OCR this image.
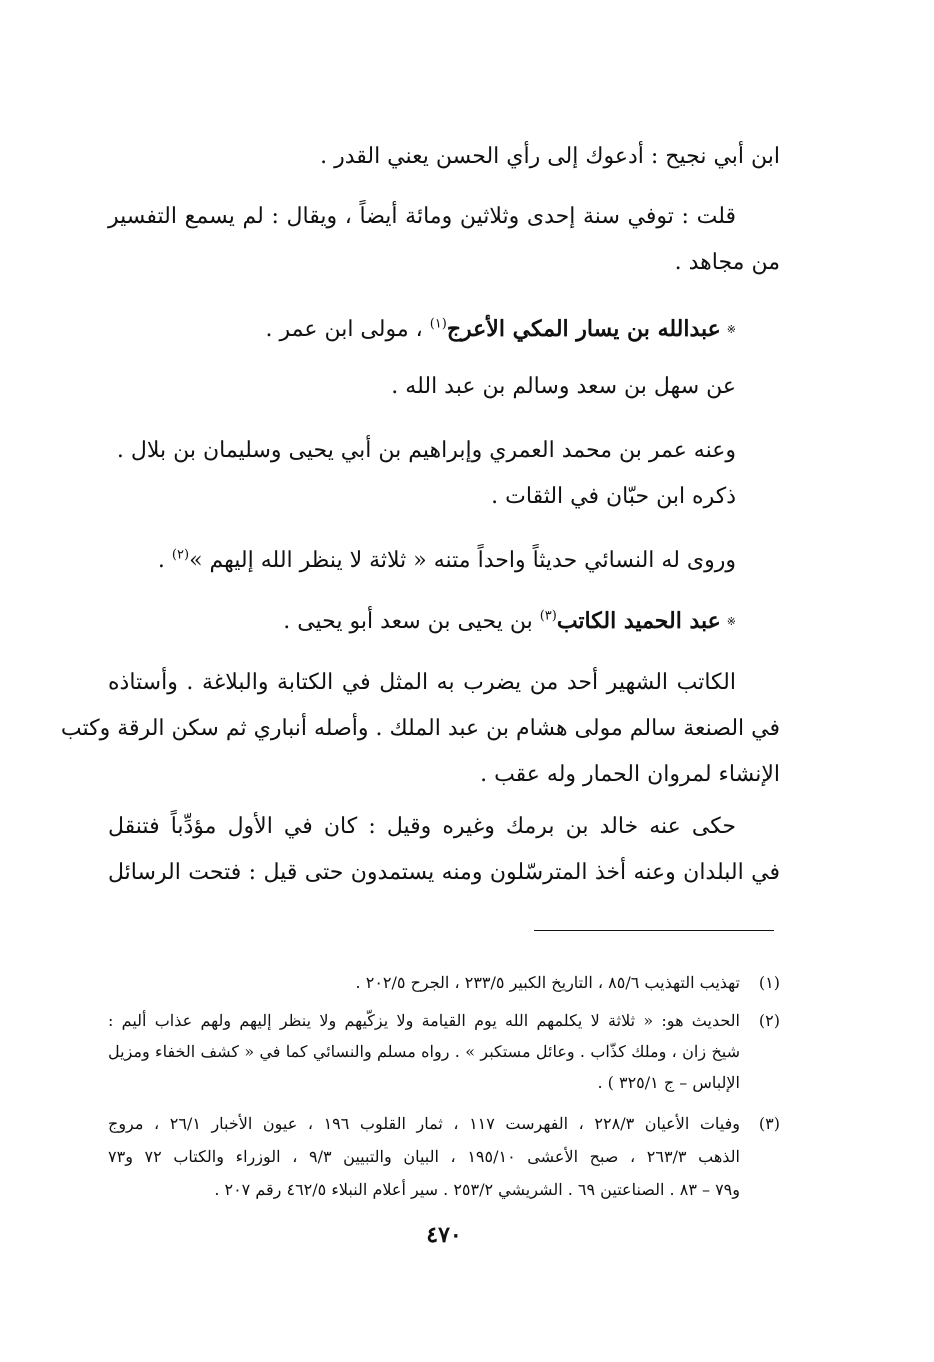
ابن أبي نجيح : أدعوك إلى رأي الحسن يعني القدر .
قلت : توفي سنة إحدى وثلاثين ومائة أيضاً ، ويقال : لم يسمع التفسير
من مجاهد .
※عبدالله بن يسار المكي الأعرج$^{(١)}$ ، مولى ابن عمر .
عن سهل بن سعد وسالم بن عبد الله .
وعنه عمر بن محمد العمري وإبراهيم بن أبي يحيى وسليمان بن بلال .
ذكره ابن حبّان في الثقات .
وروى له النسائي حديثاً واحداً متنه « ثلاثة لا ينظر الله إليهم »$^{(٢)}$ .
※عبد الحميد الكاتب$^{(٣)}$ بن يحيى بن سعد أبو يحيى .
الكاتب الشهير أحد من يضرب به المثل في الكتابة والبلاغة . وأستاذه
في الصنعة سالم مولى هشام بن عبد الملك . وأصله أنباري ثم سكن الرقة وكتب
الإنشاء لمروان الحمار وله عقب .
حكى عنه خالد بن برمك وغيره وقيل : كان في الأول مؤدِّباً فتنقل
في البلدان وعنه أخذ المترسّلون ومنه يستمدون حتى قيل : فتحت الرسائل
(١)
تهذيب التهذيب ٨٥/٦ ، التاريخ الكبير ٢٣٣/٥ ، الجرح ٢٠٢/٥ .
(٢)
الحديث هو: « ثلاثة لا يكلمهم الله يوم القيامة ولا يزكّيهم ولا ينظر إليهم ولهم عذاب أليم :
شيخ زان ، وملك كذّاب . وعائل مستكبر » . رواه مسلم والنسائي كما في « كشف الخفاء ومزيل
الإلباس – ج ٣٢٥/١ ) .
(٣)
وفيات الأعيان ٢٢٨/٣ ، الفهرست ١١٧ ، ثمار القلوب ١٩٦ ، عيون الأخبار ٢٦/١ ، مروج
الذهب ٢٦٣/٣ ، صبح الأعشى ١٩٥/١٠ ، البيان والتبيين ٩/٣ ، الوزراء والكتاب ٧٢ و٧٣
و٧٩ – ٨٣ . الصناعتين ٦٩ . الشريشي ٢٥٣/٢ . سير أعلام النبلاء ٤٦٢/٥ رقم ٢٠٧ .
٤٧٠
